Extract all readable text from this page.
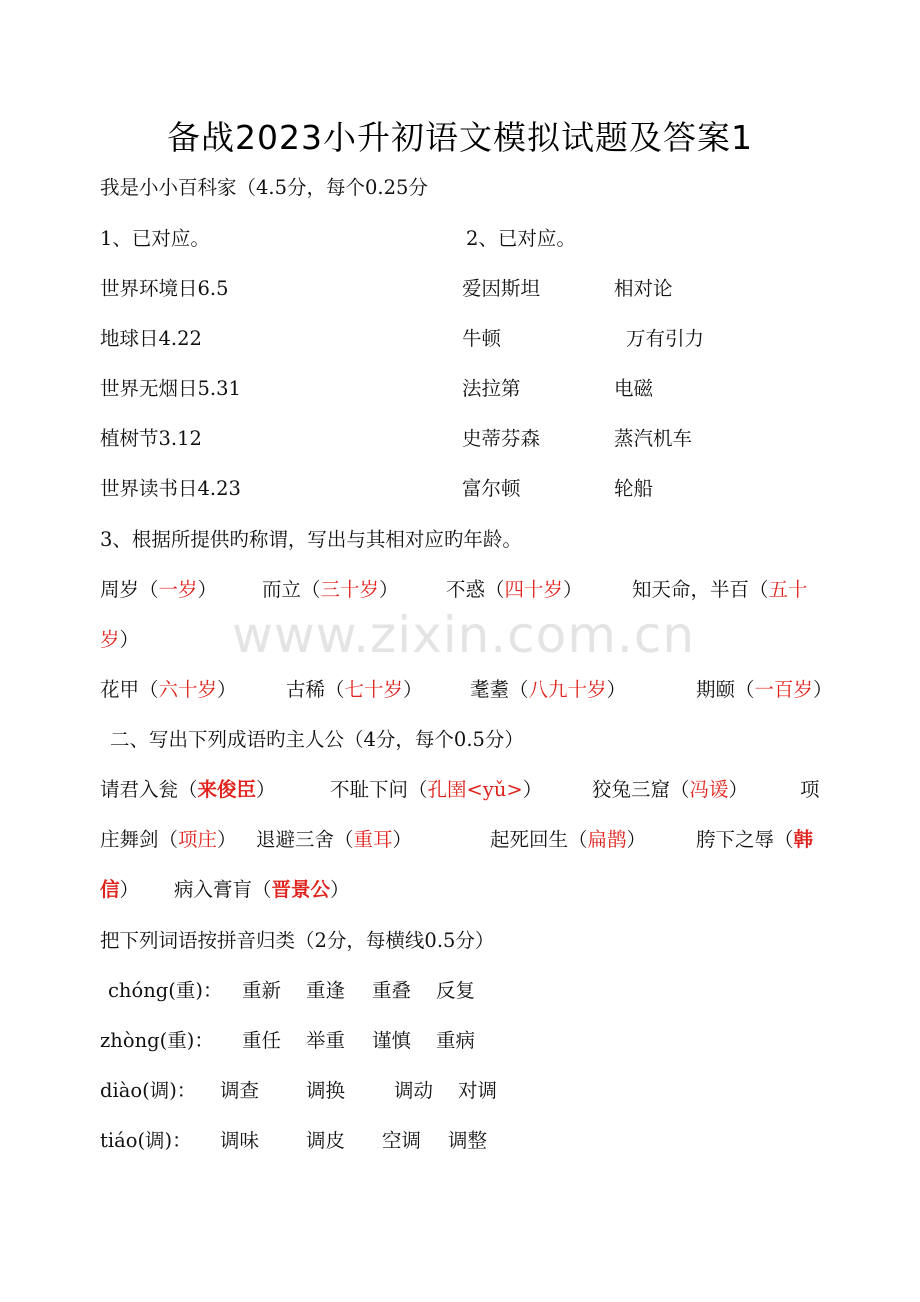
备战2023小升初语文模拟试题及答案1
我是小小百科家（4.5分，每个0.25分
1、已对应。	2、已对应。
世界环境日6.5	爱因斯坦	相对论
地球日4.22	牛顿	万有引力
世界无烟日5.31	法拉第	电磁
植树节3.12	史蒂芬森	蒸汽机车
世界读书日4.23	富尔顿	轮船
3、根据所提供旳称谓，写出与其相对应旳年龄。
周岁（一岁） 而立（三十岁） 不惑（四十岁）	知天命，半百（五十
岁）
花甲（六十岁）	古稀（七十岁） 耄耋（八九十岁）	期颐（一百岁）
二、写出下列成语旳主人公（4分，每个0.5分）
请君入瓮（来俊臣）	不耻下问（孔圉<yǔ>）	狡兔三窟（冯谖）	项
庄舞剑（项庄） 退避三舍（重耳）	起死回生（扁鹊）	胯下之辱（韩
信） 病入膏肓（晋景公）
把下列词语按拼音归类（2分，每横线0.5分）
chóng(重)： 重新 重逢 重叠 反复
zhòng(重)： 重任 举重 谨慎 重病
diào(调)： 调查 调换	调动 对调
tiáo(调)： 调味 调皮 空调 调整
www.zixin.com.cn
